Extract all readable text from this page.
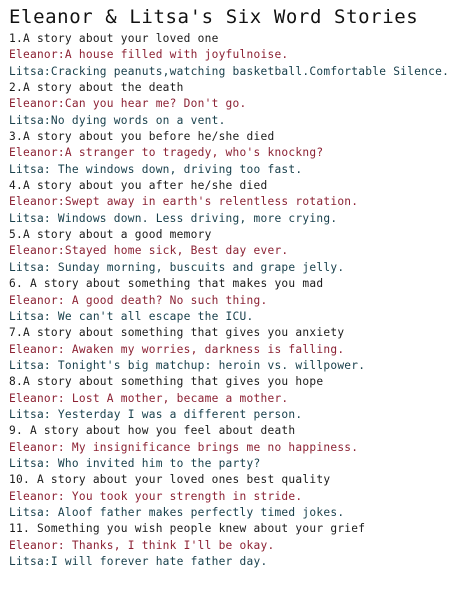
Eleanor & Litsa's Six Word Stories
1.A story about your loved one
Eleanor:A house filled with joyfulnoise.
Litsa:Cracking peanuts,watching basketball.Comfortable Silence.
2.A story about the death
Eleanor:Can you hear me? Don't go.
Litsa:No dying words on a vent.
3.A story about you before he/she died
Eleanor:A stranger to tragedy, who's knockng?
Litsa: The windows down, driving too fast.
4.A story about you after he/she died
Eleanor:Swept away in earth's relentless rotation.
Litsa: Windows down. Less driving, more crying.
5.A story about a good memory
Eleanor:Stayed home sick, Best day ever.
Litsa: Sunday morning, buscuits and grape jelly.
6. A story about something that makes you mad
Eleanor: A good death? No such thing.
Litsa: We can't all escape the ICU.
7.A story about something that gives you anxiety
Eleanor: Awaken my worries, darkness is falling.
Litsa: Tonight's big matchup: heroin vs. willpower.
8.A story about something that gives you hope
Eleanor: Lost A mother, became a mother.
Litsa: Yesterday I was a different person.
9. A story about how you feel about death
Eleanor: My insignificance brings me no happiness.
Litsa: Who invited him to the party?
10. A story about your loved ones best quality
Eleanor: You took your strength in stride.
Litsa: Aloof father makes perfectly timed jokes.
11. Something you wish people knew about your grief
Eleanor: Thanks, I think I'll be okay.
Litsa:I will forever hate father day.
